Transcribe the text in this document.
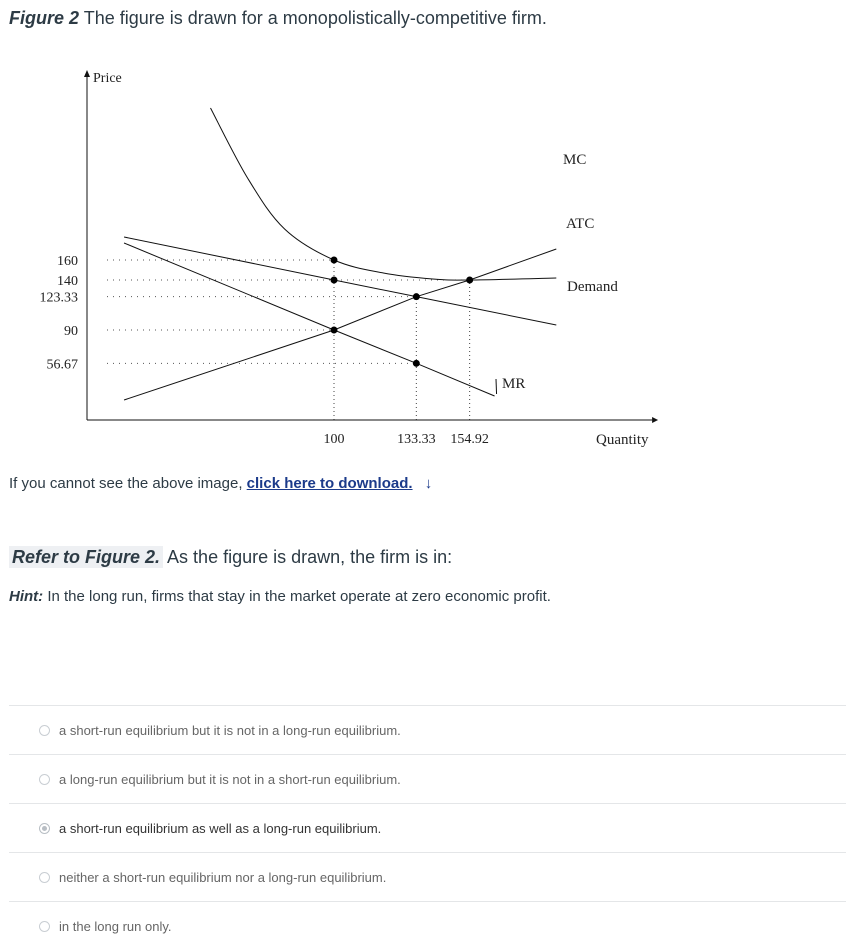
Figure 2 The figure is drawn for a monopolistically-competitive firm.
Price
Quantity
160
140
123.33
90
56.67
100	133.33 154.92
MC
ATC
Demand
MR
If you cannot see the above image, click here to download. ↓
Refer to Figure 2. As the figure is drawn, the firm is in:
Hint: In the long run, firms that stay in the market operate at zero economic profit.
a short-run equilibrium but it is not in a long-run equilibrium.
a long-run equilibrium but it is not in a short-run equilibrium.
a short-run equilibrium as well as a long-run equilibrium.
neither a short-run equilibrium nor a long-run equilibrium.
in the long run only.
